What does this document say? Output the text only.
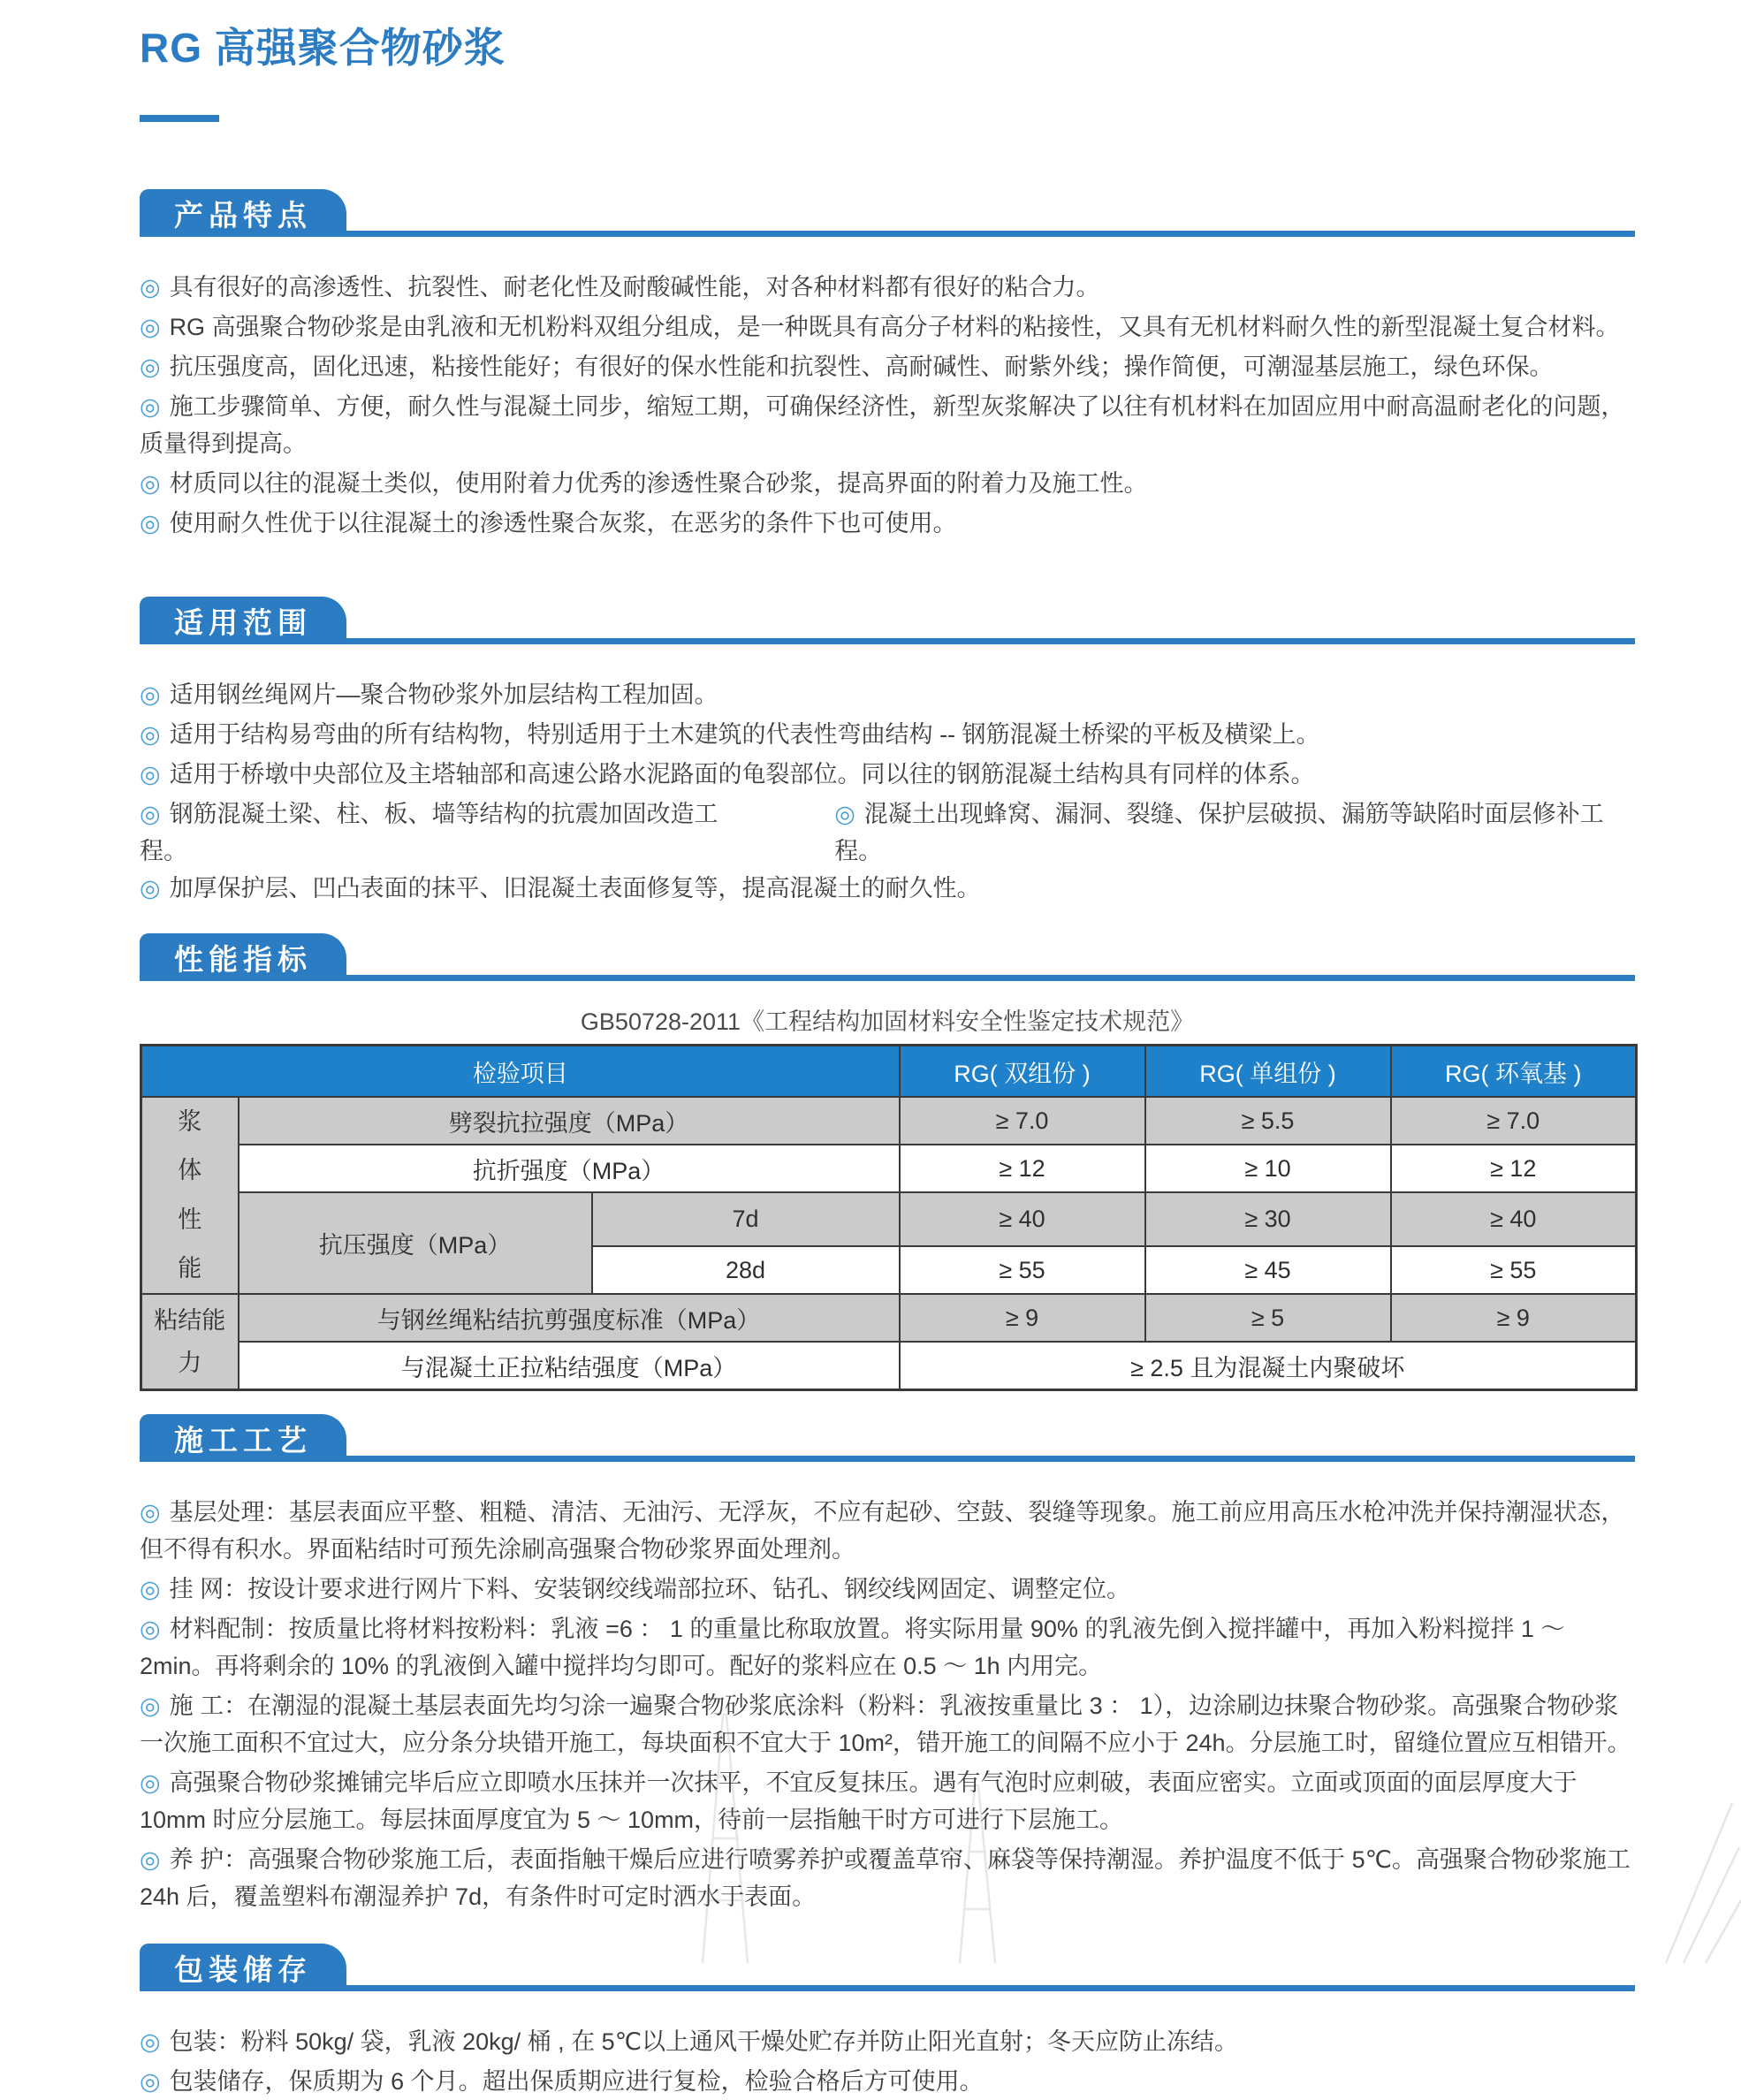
RG 高强聚合物砂浆
产品特点

◎ 具有很好的高渗透性、抗裂性、耐老化性及耐酸碱性能，对各种材料都有很好的粘合力。

◎ RG 高强聚合物砂浆是由乳液和无机粉料双组分组成，是一种既具有高分子材料的粘接性，又具有无机材料耐久性的新型混凝土复合材料。

◎ 抗压强度高，固化迅速，粘接性能好；有很好的保水性能和抗裂性、高耐碱性、耐紫外线；操作简便，可潮湿基层施工，绿色环保。

◎ 施工步骤简单、方便，耐久性与混凝土同步，缩短工期，可确保经济性，新型灰浆解决了以往有机材料在加固应用中耐高温耐老化的问题，质量得到提高。

◎ 材质同以往的混凝土类似，使用附着力优秀的渗透性聚合砂浆，提高界面的附着力及施工性。

◎ 使用耐久性优于以往混凝土的渗透性聚合灰浆，在恶劣的条件下也可使用。

适用范围

◎ 适用钢丝绳网片—聚合物砂浆外加层结构工程加固。

◎ 适用于结构易弯曲的所有结构物，特别适用于土木建筑的代表性弯曲结构 -- 钢筋混凝土桥梁的平板及横梁上。

◎ 适用于桥墩中央部位及主塔轴部和高速公路水泥路面的龟裂部位。同以往的钢筋混凝土结构具有同样的体系。

◎ 钢筋混凝土梁、柱、板、墙等结构的抗震加固改造工程。

◎ 混凝土出现蜂窝、漏洞、裂缝、保护层破损、漏筋等缺陷时面层修补工程。

◎ 加厚保护层、凹凸表面的抹平、旧混凝土表面修复等，提高混凝土的耐久性。

性能指标

GB50728-2011《工程结构加固材料安全性鉴定技术规范》

检验项目			RG( 双组份 )	RG( 单组份 )	RG( 环氧基 )

浆体性能	劈裂抗拉强度（MPa）		≥ 7.0	≥ 5.5	≥ 7.0
	抗折强度（MPa）		≥ 12	≥ 10	≥ 12
	抗压强度（MPa）	7d	≥ 40	≥ 30	≥ 40
		28d	≥ 55	≥ 45	≥ 55

粘结能力	与钢丝绳粘结抗剪强度标准（MPa）		≥ 9	≥ 5	≥ 9
	与混凝土正拉粘结强度（MPa）		≥ 2.5 且为混凝土内聚破坏		
施工工艺

◎ 基层处理：基层表面应平整、粗糙、清洁、无油污、无浮灰，不应有起砂、空鼓、裂缝等现象。施工前应用高压水枪冲洗并保持潮湿状态，但不得有积水。界面粘结时可预先涂刷高强聚合物砂浆界面处理剂。

◎ 挂 网：按设计要求进行网片下料、安装钢绞线端部拉环、钻孔、钢绞线网固定、调整定位。

◎ 材料配制：按质量比将材料按粉料：乳液 =6 ： 1 的重量比称取放置。将实际用量 90% 的乳液先倒入搅拌罐中，再加入粉料搅拌 1 ～ 2min。再将剩余的 10% 的乳液倒入罐中搅拌均匀即可。配好的浆料应在 0.5 ～ 1h 内用完。

◎ 施 工：在潮湿的混凝土基层表面先均匀涂一遍聚合物砂浆底涂料（粉料：乳液按重量比 3 ： 1），边涂刷边抹聚合物砂浆。高强聚合物砂浆一次施工面积不宜过大，应分条分块错开施工，每块面积不宜大于 10m²，错开施工的间隔不应小于 24h。分层施工时，留缝位置应互相错开。

◎ 高强聚合物砂浆摊铺完毕后应立即喷水压抹并一次抹平，不宜反复抹压。遇有气泡时应刺破，表面应密实。立面或顶面的面层厚度大于 10mm 时应分层施工。每层抹面厚度宜为 5 ～ 10mm，待前一层指触干时方可进行下层施工。

◎ 养 护：高强聚合物砂浆施工后，表面指触干燥后应进行喷雾养护或覆盖草帘、麻袋等保持潮湿。养护温度不低于 5℃。高强聚合物砂浆施工 24h 后，覆盖塑料布潮湿养护 7d，有条件时可定时洒水于表面。

包装储存

◎ 包装：粉料 50kg/ 袋，乳液 20kg/ 桶 , 在 5℃以上通风干燥处贮存并防止阳光直射；冬天应防止冻结。

◎ 包装储存，保质期为 6 个月。超出保质期应进行复检，检验合格后方可使用。
